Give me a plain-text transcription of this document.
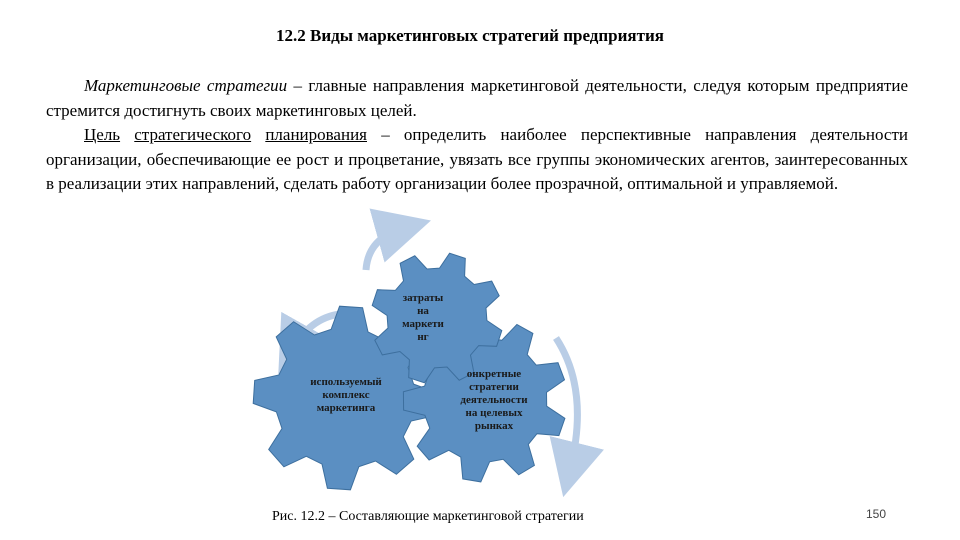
12.2 Виды маркетинговых стратегий предприятия

Маркетинговые стратегии – главные направления маркетинговой деятельности, следуя которым предприятие стремится достигнуть своих маркетинговых целей.

Цель стратегического планирования – определить наиболее перспективные направления деятельности организации, обеспечивающие ее рост и процветание, увязать все группы экономических агентов, заинтересованных в реализации этих направлений, сделать работу организации более прозрачной, оптимальной и управляемой.

затраты
на
маркети
нг
используемый
комплекс
маркетинга
онкретные
стратегии
деятельности
на целевых
рынках
Рис. 12.2 – Составляющие маркетинговой стратегии	150
